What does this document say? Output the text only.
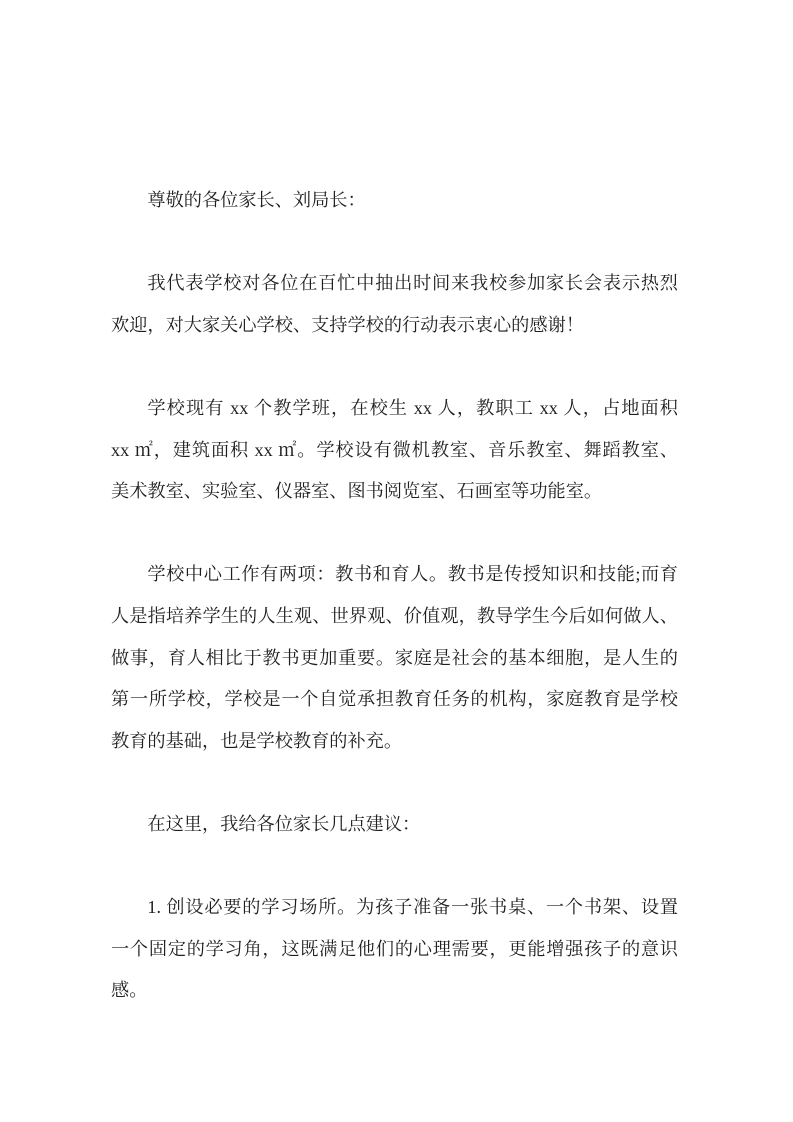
尊敬的各位家长、刘局长：

我代表学校对各位在百忙中抽出时间来我校参加家长会表示热烈
欢迎，对大家关心学校、支持学校的行动表示衷心的感谢！

学校现有 xx 个教学班，在校生 xx 人，教职工 xx 人，占地面积
xx ㎡，建筑面积 xx ㎡。学校设有微机教室、音乐教室、舞蹈教室、
美术教室、实验室、仪器室、图书阅览室、石画室等功能室。

学校中心工作有两项：教书和育人。教书是传授知识和技能;而育
人是指培养学生的人生观、世界观、价值观，教导学生今后如何做人、
做事，育人相比于教书更加重要。家庭是社会的基本细胞，是人生的
第一所学校，学校是一个自觉承担教育任务的机构，家庭教育是学校
教育的基础，也是学校教育的补充。

在这里，我给各位家长几点建议：

1. 创设必要的学习场所。为孩子准备一张书桌、一个书架、设置
一个固定的学习角，这既满足他们的心理需要，更能增强孩子的意识
感。
